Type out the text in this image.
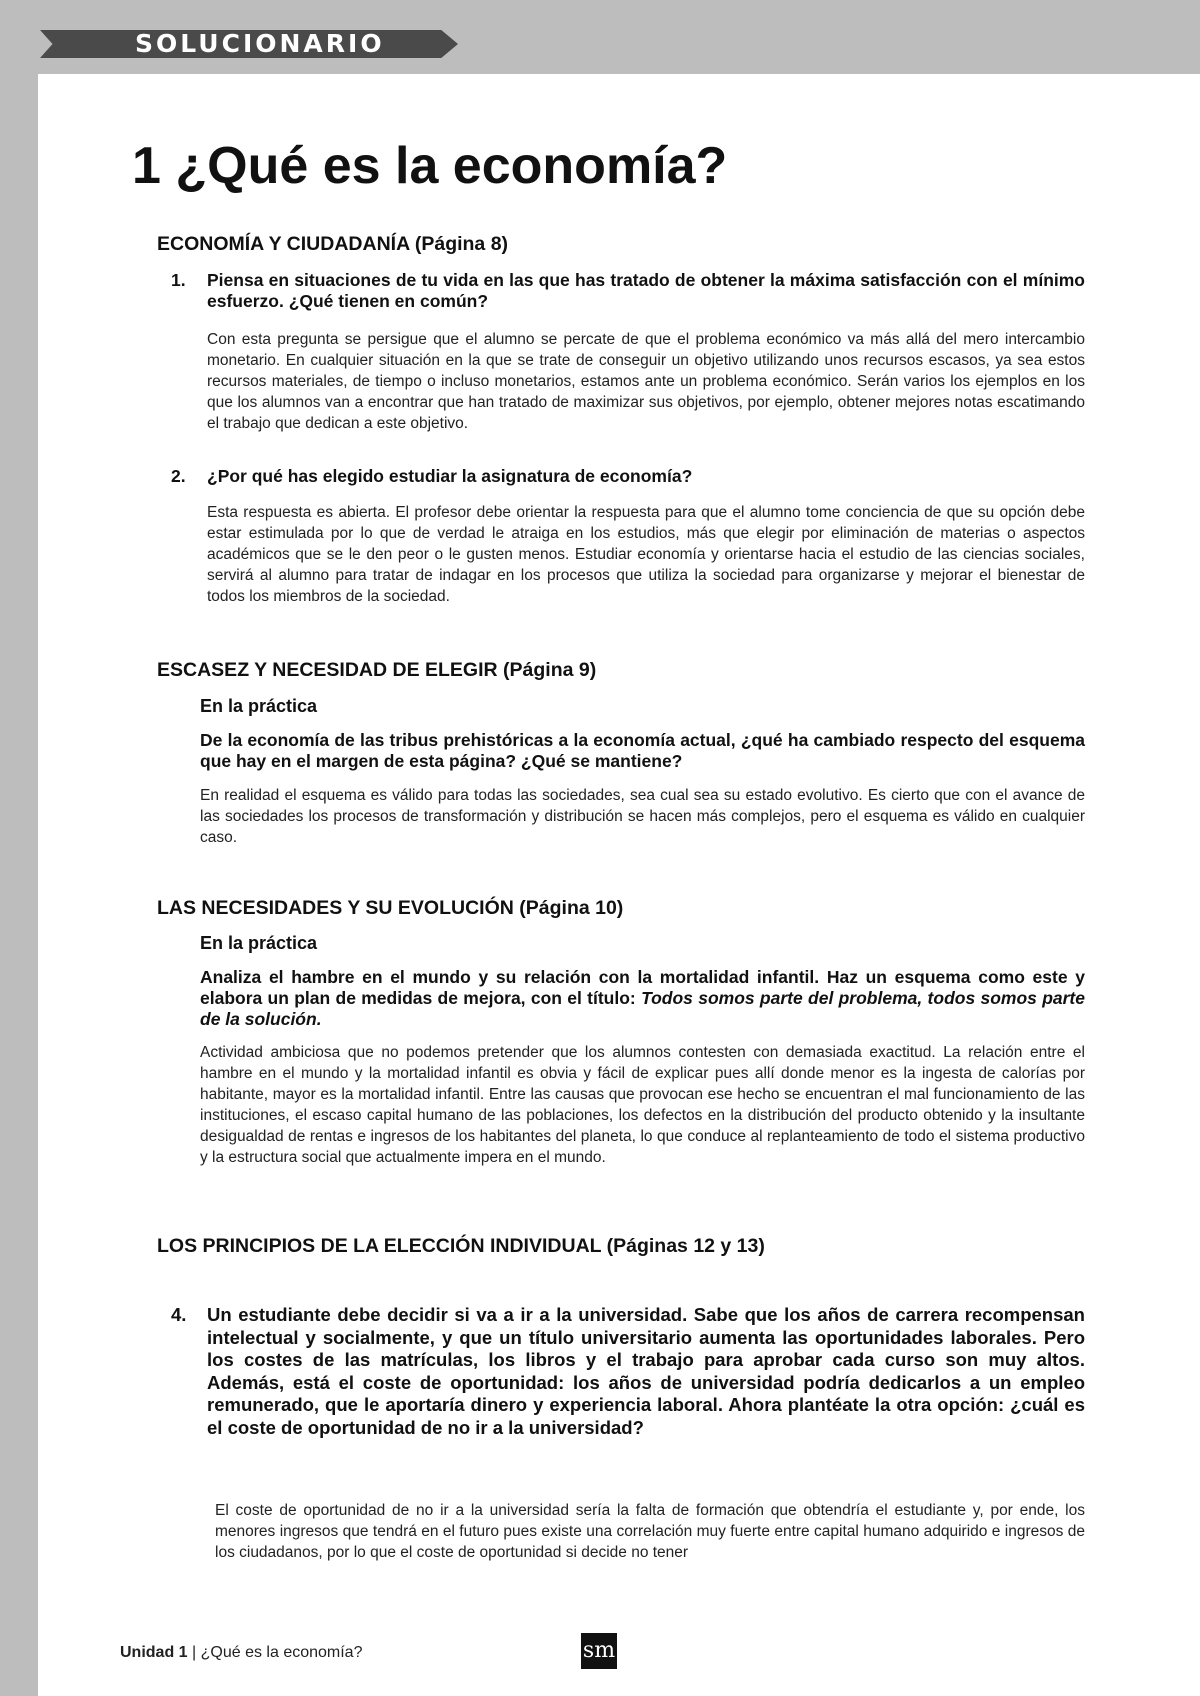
SOLUCIONARIO
1 ¿Qué es la economía?
ECONOMÍA Y CIUDADANÍA (Página 8)
1. Piensa en situaciones de tu vida en las que has tratado de obtener la máxima satisfacción con el mínimo esfuerzo. ¿Qué tienen en común?

Con esta pregunta se persigue que el alumno se percate de que el problema económico va más allá del mero intercambio monetario. En cualquier situación en la que se trate de conseguir un objetivo utilizando unos recursos escasos, ya sea estos recursos materiales, de tiempo o incluso monetarios, estamos ante un problema económico. Serán varios los ejemplos en los que los alumnos van a encontrar que han tratado de maximizar sus objetivos, por ejemplo, obtener mejores notas escatimando el trabajo que dedican a este objetivo.

2. ¿Por qué has elegido estudiar la asignatura de economía?

Esta respuesta es abierta. El profesor debe orientar la respuesta para que el alumno tome conciencia de que su opción debe estar estimulada por lo que de verdad le atraiga en los estudios, más que elegir por eliminación de materias o aspectos académicos que se le den peor o le gusten menos. Estudiar economía y orientarse hacia el estudio de las ciencias sociales, servirá al alumno para tratar de indagar en los procesos que utiliza la sociedad para organizarse y mejorar el bienestar de todos los miembros de la sociedad.

ESCASEZ Y NECESIDAD DE ELEGIR (Página 9)

En la práctica

De la economía de las tribus prehistóricas a la economía actual, ¿qué ha cambiado respecto del esquema que hay en el margen de esta página? ¿Qué se mantiene?

En realidad el esquema es válido para todas las sociedades, sea cual sea su estado evolutivo. Es cierto que con el avance de las sociedades los procesos de transformación y distribución se hacen más complejos, pero el esquema es válido en cualquier caso.

LAS NECESIDADES Y SU EVOLUCIÓN (Página 10)

En la práctica

Analiza el hambre en el mundo y su relación con la mortalidad infantil. Haz un esquema como este y elabora un plan de medidas de mejora, con el título: Todos somos parte del problema, todos somos parte de la solución.

Actividad ambiciosa que no podemos pretender que los alumnos contesten con demasiada exactitud. La relación entre el hambre en el mundo y la mortalidad infantil es obvia y fácil de explicar pues allí donde menor es la ingesta de calorías por habitante, mayor es la mortalidad infantil. Entre las causas que provocan ese hecho se encuentran el mal funcionamiento de las instituciones, el escaso capital humano de las poblaciones, los defectos en la distribución del producto obtenido y la insultante desigualdad de rentas e ingresos de los habitantes del planeta, lo que conduce al replanteamiento de todo el sistema productivo y la estructura social que actualmente impera en el mundo.

LOS PRINCIPIOS DE LA ELECCIÓN INDIVIDUAL (Páginas 12 y 13)
4. Un estudiante debe decidir si va a ir a la universidad. Sabe que los años de carrera recompensan intelectual y socialmente, y que un título universitario aumenta las oportunidades laborales. Pero los costes de las matrículas, los libros y el trabajo para aprobar cada curso son muy altos. Además, está el coste de oportunidad: los años de universidad podría dedicarlos a un empleo remunerado, que le aportaría dinero y experiencia laboral. Ahora plantéate la otra opción: ¿cuál es el coste de oportunidad de no ir a la universidad?

El coste de oportunidad de no ir a la universidad sería la falta de formación que obtendría el estudiante y, por ende, los menores ingresos que tendrá en el futuro pues existe una correlación muy fuerte entre capital humano adquirido e ingresos de los ciudadanos, por lo que el coste de oportunidad si decide no tener

Unidad 1 | ¿Qué es la economía?	sm
